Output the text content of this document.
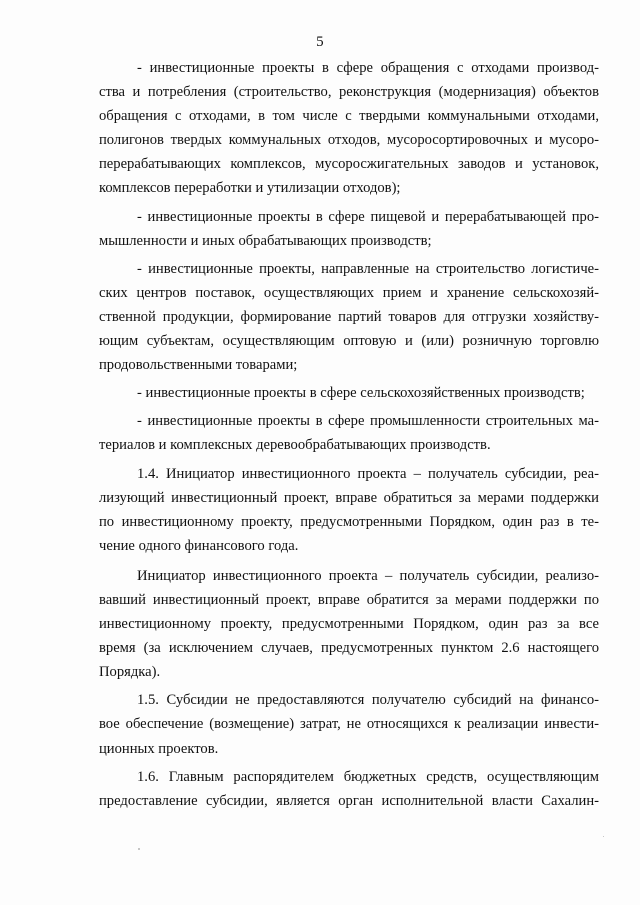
5

- инвестиционные проекты в сфере обращения с отходами производ-
ства и потребления (строительство, реконструкция (модернизация) объектов
обращения с отходами, в том числе с твердыми коммунальными отходами,
полигонов твердых коммунальных отходов, мусоросортировочных и мусоро-
перерабатывающих комплексов, мусоросжигательных заводов и установок,
комплексов переработки и утилизации отходов);

- инвестиционные проекты в сфере пищевой и перерабатывающей про-
мышленности и иных обрабатывающих производств;

- инвестиционные проекты, направленные на строительство логистиче-
ских центров поставок, осуществляющих прием и хранение сельскохозяй-
ственной продукции, формирование партий товаров для отгрузки хозяйству-
ющим субъектам, осуществляющим оптовую и (или) розничную торговлю
продовольственными товарами;

- инвестиционные проекты в сфере сельскохозяйственных производств;

- инвестиционные проекты в сфере промышленности строительных ма-
териалов и комплексных деревообрабатывающих производств.

1.4. Инициатор инвестиционного проекта – получатель субсидии, реа-
лизующий инвестиционный проект, вправе обратиться за мерами поддержки
по инвестиционному проекту, предусмотренными Порядком, один раз в те-
чение одного финансового года.

Инициатор инвестиционного проекта – получатель субсидии, реализо-
вавший инвестиционный проект, вправе обратится за мерами поддержки по
инвестиционному проекту, предусмотренными Порядком, один раз за все
время (за исключением случаев, предусмотренных пунктом 2.6 настоящего
Порядка).

1.5. Субсидии не предоставляются получателю субсидий на финансо-
вое обеспечение (возмещение) затрат, не относящихся к реализации инвести-
ционных проектов.

1.6. Главным распорядителем бюджетных средств, осуществляющим
предоставление субсидии, является орган исполнительной власти Сахалин-
